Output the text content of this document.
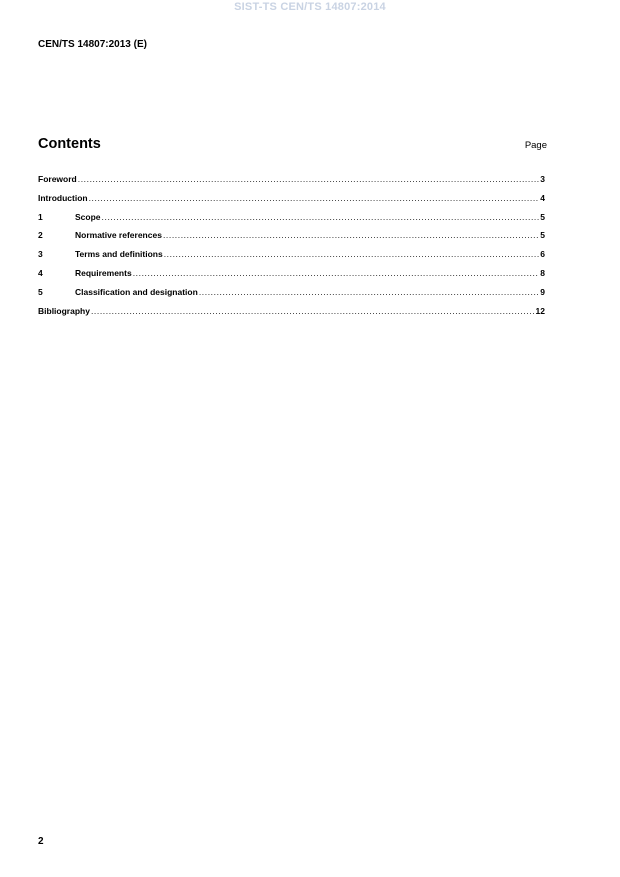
SIST-TS CEN/TS 14807:2014
CEN/TS 14807:2013 (E)
Contents	Page
Foreword .....	3
Introduction .....	4
1	Scope .....	5
2	Normative references .....	5
3	Terms and definitions .....	6
4	Requirements .....	8
5	Classification and designation .....	9
Bibliography .....	12
2
